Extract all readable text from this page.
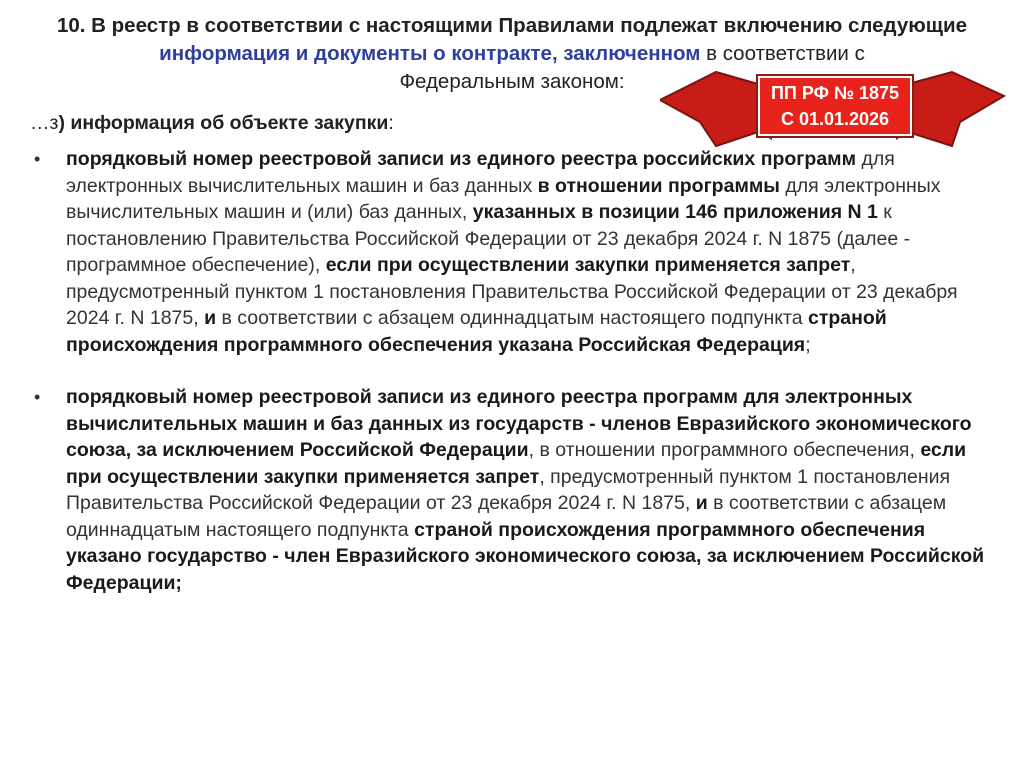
10. В реестр в соответствии с настоящими Правилами подлежат включению следующие
информация и документы о контракте, заключенном в соответствии с
Федеральным законом:	ПП РФ № 1875
С 01.01.2026
…з) информация об объекте закупки:
• порядковый номер реестровой записи из единого реестра российских программ для электронных вычислительных машин и баз данных в отношении программы для электронных вычислительных машин и (или) баз данных, указанных в позиции 146 приложения N 1 к постановлению Правительства Российской Федерации от 23 декабря 2024 г. N 1875 (далее - программное обеспечение), если при осуществлении закупки применяется запрет, предусмотренный пунктом 1 постановления Правительства Российской Федерации от 23 декабря 2024 г. N 1875, и в соответствии с абзацем одиннадцатым настоящего подпункта страной происхождения программного обеспечения указана Российская Федерация;
• порядковый номер реестровой записи из единого реестра программ для электронных вычислительных машин и баз данных из государств - членов Евразийского экономического союза, за исключением Российской Федерации, в отношении программного обеспечения, если при осуществлении закупки применяется запрет, предусмотренный пунктом 1 постановления Правительства Российской Федерации от 23 декабря 2024 г. N 1875, и в соответствии с абзацем одиннадцатым настоящего подпункта страной происхождения программного обеспечения указано государство - член Евразийского экономического союза, за исключением Российской Федерации;
